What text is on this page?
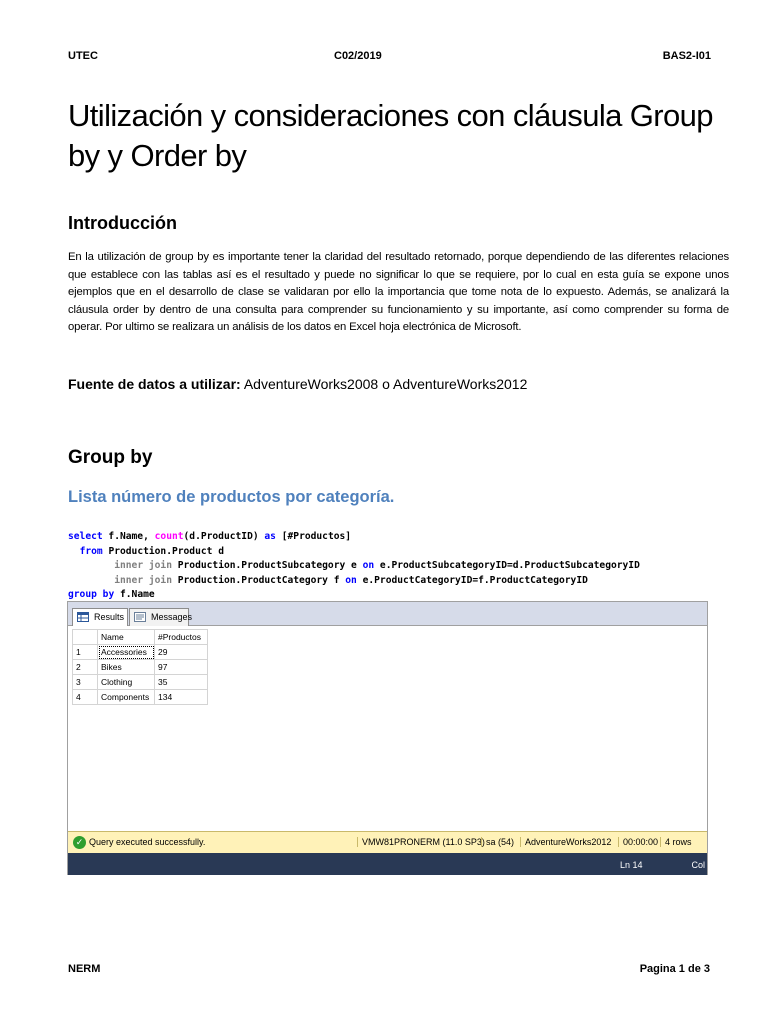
UTEC	C02/2019	BAS2-I01
Utilización y consideraciones con cláusula Group by y Order by
Introducción

En la utilización de group by es importante tener la claridad del resultado retornado, porque dependiendo de las diferentes relaciones que establece con las tablas así es el resultado y puede no significar lo que se requiere, por lo cual en esta guía se expone unos ejemplos que en el desarrollo de clase se validaran por ello la importancia que tome nota de lo expuesto. Además, se analizará la cláusula order by dentro de una consulta para comprender su funcionamiento y su importante, así como comprender su forma de operar. Por ultimo se realizara un análisis de los datos en Excel hoja electrónica de Microsoft.

Fuente de datos a utilizar: AdventureWorks2008 o AdventureWorks2012

Group by
Lista número de productos por categoría.
select f.Name, count(d.ProductID) as [#Productos]
from Production.Product d
inner join Production.ProductSubcategory e on e.ProductSubcategoryID=d.ProductSubcategoryID
inner join Production.ProductCategory f on e.ProductCategoryID=f.ProductCategoryID
group by f.Name
Results	Messages
	Name	#Productos
1	Accessories	29
2	Bikes	97
3	Clothing	35
4	Components	134
✓ Query executed successfully.	VMW81PRONERM (11.0 SP3) sa (54)	AdventureWorks2012	00:00:00 4 rows
Ln 14	Col
NERM	Pagina 1 de 3
